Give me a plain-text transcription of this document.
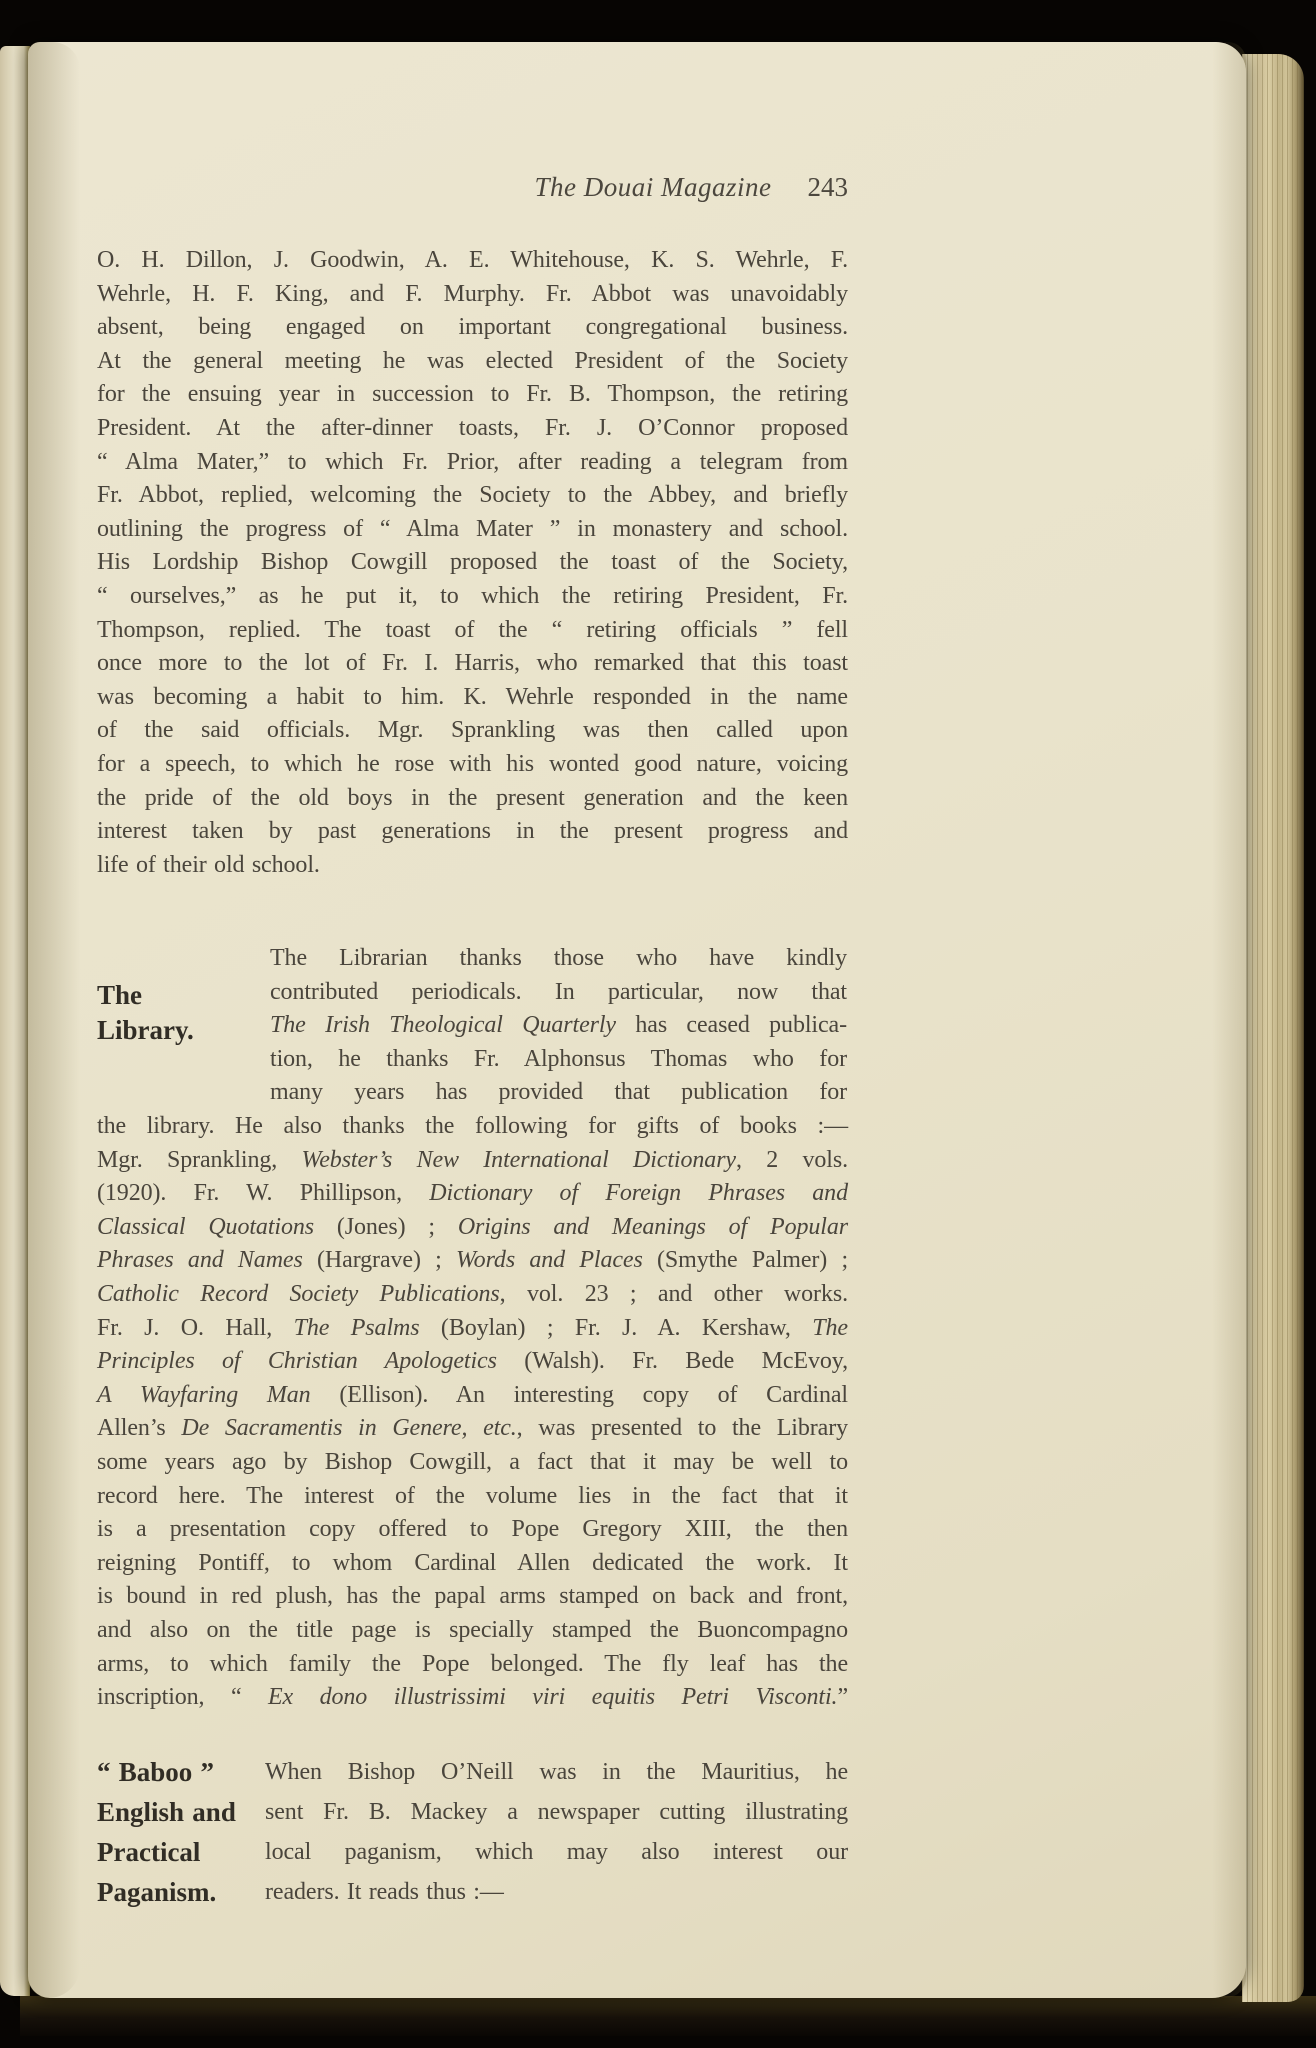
The Douai Magazine 243
O. H. Dillon, J. Goodwin, A. E. Whitehouse, K. S. Wehrle, F.
Wehrle, H. F. King, and F. Murphy. Fr. Abbot was unavoidably
absent, being engaged on important congregational business.
At the general meeting he was elected President of the Society
for the ensuing year in succession to Fr. B. Thompson, the retiring
President. At the after-dinner toasts, Fr. J. O’Connor proposed
“ Alma Mater,” to which Fr. Prior, after reading a telegram from
Fr. Abbot, replied, welcoming the Society to the Abbey, and briefly
outlining the progress of “ Alma Mater ” in monastery and school.
His Lordship Bishop Cowgill proposed the toast of the Society,
“ ourselves,” as he put it, to which the retiring President, Fr.
Thompson, replied. The toast of the “ retiring officials ” fell
once more to the lot of Fr. I. Harris, who remarked that this toast
was becoming a habit to him. K. Wehrle responded in the name
of the said officials. Mgr. Sprankling was then called upon
for a speech, to which he rose with his wonted good nature, voicing
the pride of the old boys in the present generation and the keen
interest taken by past generations in the present progress and
life of their old school.
The
Library.
The Librarian thanks those who have kindly
contributed periodicals. In particular, now that
The Irish Theological Quarterly has ceased publica-
tion, he thanks Fr. Alphonsus Thomas who for
many years has provided that publication for
the library. He also thanks the following for gifts of books :—
Mgr. Sprankling, Webster’s New International Dictionary, 2 vols.
(1920). Fr. W. Phillipson, Dictionary of Foreign Phrases and
Classical Quotations (Jones) ; Origins and Meanings of Popular
Phrases and Names (Hargrave) ; Words and Places (Smythe Palmer) ;
Catholic Record Society Publications, vol. 23 ; and other works.
Fr. J. O. Hall, The Psalms (Boylan) ; Fr. J. A. Kershaw, The
Principles of Christian Apologetics (Walsh). Fr. Bede McEvoy,
A Wayfaring Man (Ellison). An interesting copy of Cardinal
Allen’s De Sacramentis in Genere, etc., was presented to the Library
some years ago by Bishop Cowgill, a fact that it may be well to
record here. The interest of the volume lies in the fact that it
is a presentation copy offered to Pope Gregory XIII, the then
reigning Pontiff, to whom Cardinal Allen dedicated the work. It
is bound in red plush, has the papal arms stamped on back and front,
and also on the title page is specially stamped the Buoncompagno
arms, to which family the Pope belonged. The fly leaf has the
inscription, “ Ex dono illustrissimi viri equitis Petri Visconti.”
“ Baboo ”
English and
Practical
Paganism.
When Bishop O’Neill was in the Mauritius, he
sent Fr. B. Mackey a newspaper cutting illustrating
local paganism, which may also interest our
readers. It reads thus :—
